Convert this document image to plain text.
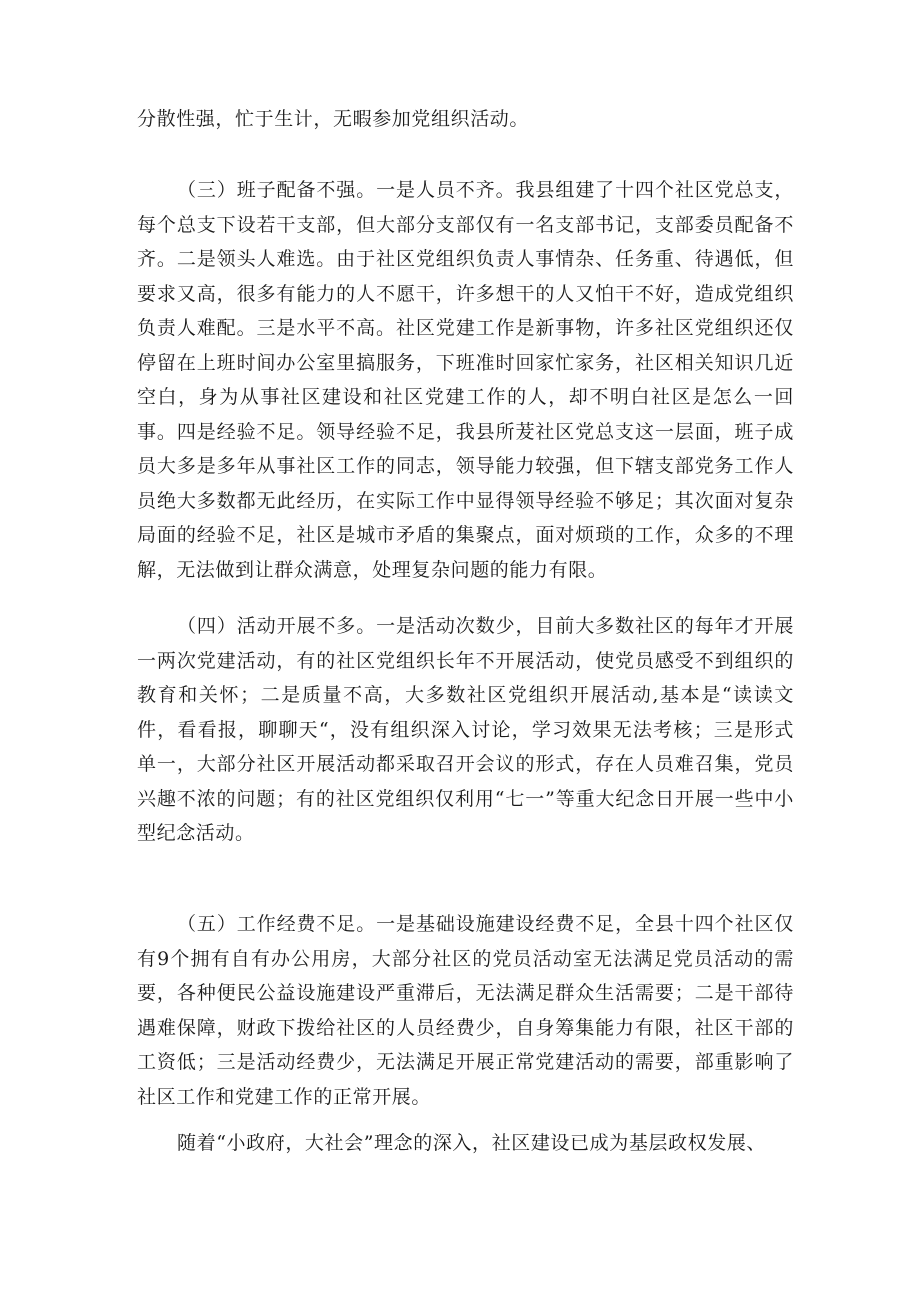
分散性强，忙于生计，无暇参加党组织活动。

（三）班子配备不强。一是人员不齐。我县组建了十四个社区党总支，每个总支下设若干支部，但大部分支部仅有一名支部书记，支部委员配备不齐。二是领头人难选。由于社区党组织负责人事情杂、任务重、待遇低，但要求又高，很多有能力的人不愿干，许多想干的人又怕干不好，造成党组织负责人难配。三是水平不高。社区党建工作是新事物，许多社区党组织还仅停留在上班时间办公室里搞服务，下班准时回家忙家务，社区相关知识几近空白，身为从事社区建设和社区党建工作的人，却不明白社区是怎么一回事。四是经验不足。领导经验不足，我县所茇社区党总支这一层面，班子成员大多是多年从事社区工作的同志，领导能力较强，但下辖支部党务工作人员绝大多数都无此经历，在实际工作中显得领导经验不够足；其次面对复杂局面的经验不足，社区是城市矛盾的集聚点，面对烦琐的工作，众多的不理解，无法做到让群众满意，处理复杂问题的能力有限。

（四）活动开展不多。一是活动次数少，目前大多数社区的每年才开展一两次党建活动，有的社区党组织长年不开展活动，使党员感受不到组织的教育和关怀；二是质量不高，大多数社区党组织开展活动,基本是“读读文件，看看报，聊聊天“，没有组织深入讨论，学习效果无法考核；三是形式单一，大部分社区开展活动都采取召开会议的形式，存在人员难召集，党员兴趣不浓的问题；有的社区党组织仅利用“七一”等重大纪念日开展一些中小型纪念活动。

（五）工作经费不足。一是基础设施建设经费不足，全县十四个社区仅有9个拥有自有办公用房，大部分社区的党员活动室无法满足党员活动的需要，各种便民公益设施建设严重滞后，无法满足群众生活需要；二是干部待遇难保障，财政下拨给社区的人员经费少，自身筹集能力有限，社区干部的工资低；三是活动经费少，无法满足开展正常党建活动的需要，部重影响了社区工作和党建工作的正常开展。

随着“小政府，大社会”理念的深入，社区建设已成为基层政权发展、
